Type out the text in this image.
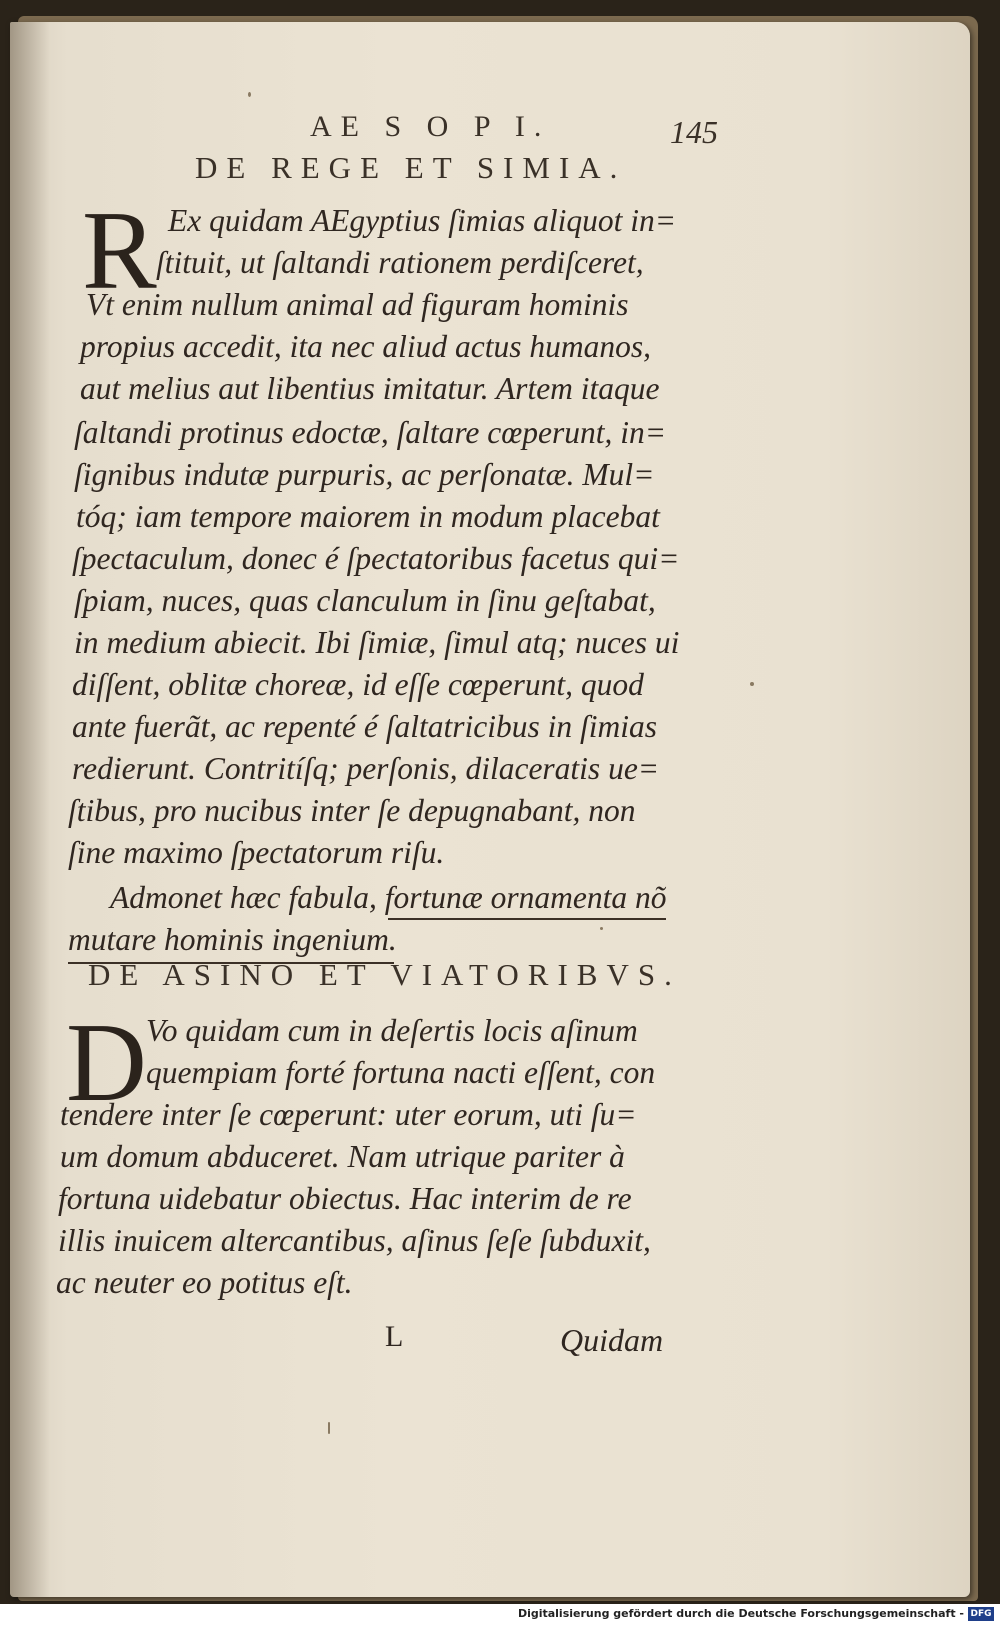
AE S O P I.	145
DE REGE ET SIMIA.
R Ex quidam AEgyptius ſimias aliquot in=
ſtituit, ut ſaltandi rationem perdiſceret,
Vt enim nullum animal ad figuram hominis
propius accedit, ita nec aliud actus humanos,
aut melius aut libentius imitatur. Artem itaque
ſaltandi protinus edoctæ, ſaltare cœperunt, in=
ſignibus indutæ purpuris, ac perſonatæ. Mul=
tóq; iam tempore maiorem in modum placebat
ſpectaculum, donec é ſpectatoribus facetus qui=
ſpiam, nuces, quas clanculum in ſinu geſtabat,
in medium abiecit. Ibi ſimiæ, ſimul atq; nuces ui
diſſent, oblitæ choreæ, id eſſe cœperunt, quod
ante fuerãt, ac repenté é ſaltatricibus in ſimias
redierunt. Contritíſq; perſonis, dilaceratis ue=
ſtibus, pro nucibus inter ſe depugnabant, non
ſine maximo ſpectatorum riſu.
Admonet hæc fabula, fortunæ ornamenta nõ
mutare hominis ingenium.
DE ASINO ET VIATORIBVS.
D Vo quidam cum in deſertis locis aſinum
quempiam forté fortuna nacti eſſent, con
tendere inter ſe cœperunt: uter eorum, uti ſu=
um domum abduceret. Nam utrique pariter à
fortuna uidebatur obiectus. Hac interim de re
illis inuicem altercantibus, aſinus ſeſe ſubduxit,
ac neuter eo potitus eſt.
L	Quidam
Digitalisierung gefördert durch die Deutsche Forschungsgemeinschaft - DFG
